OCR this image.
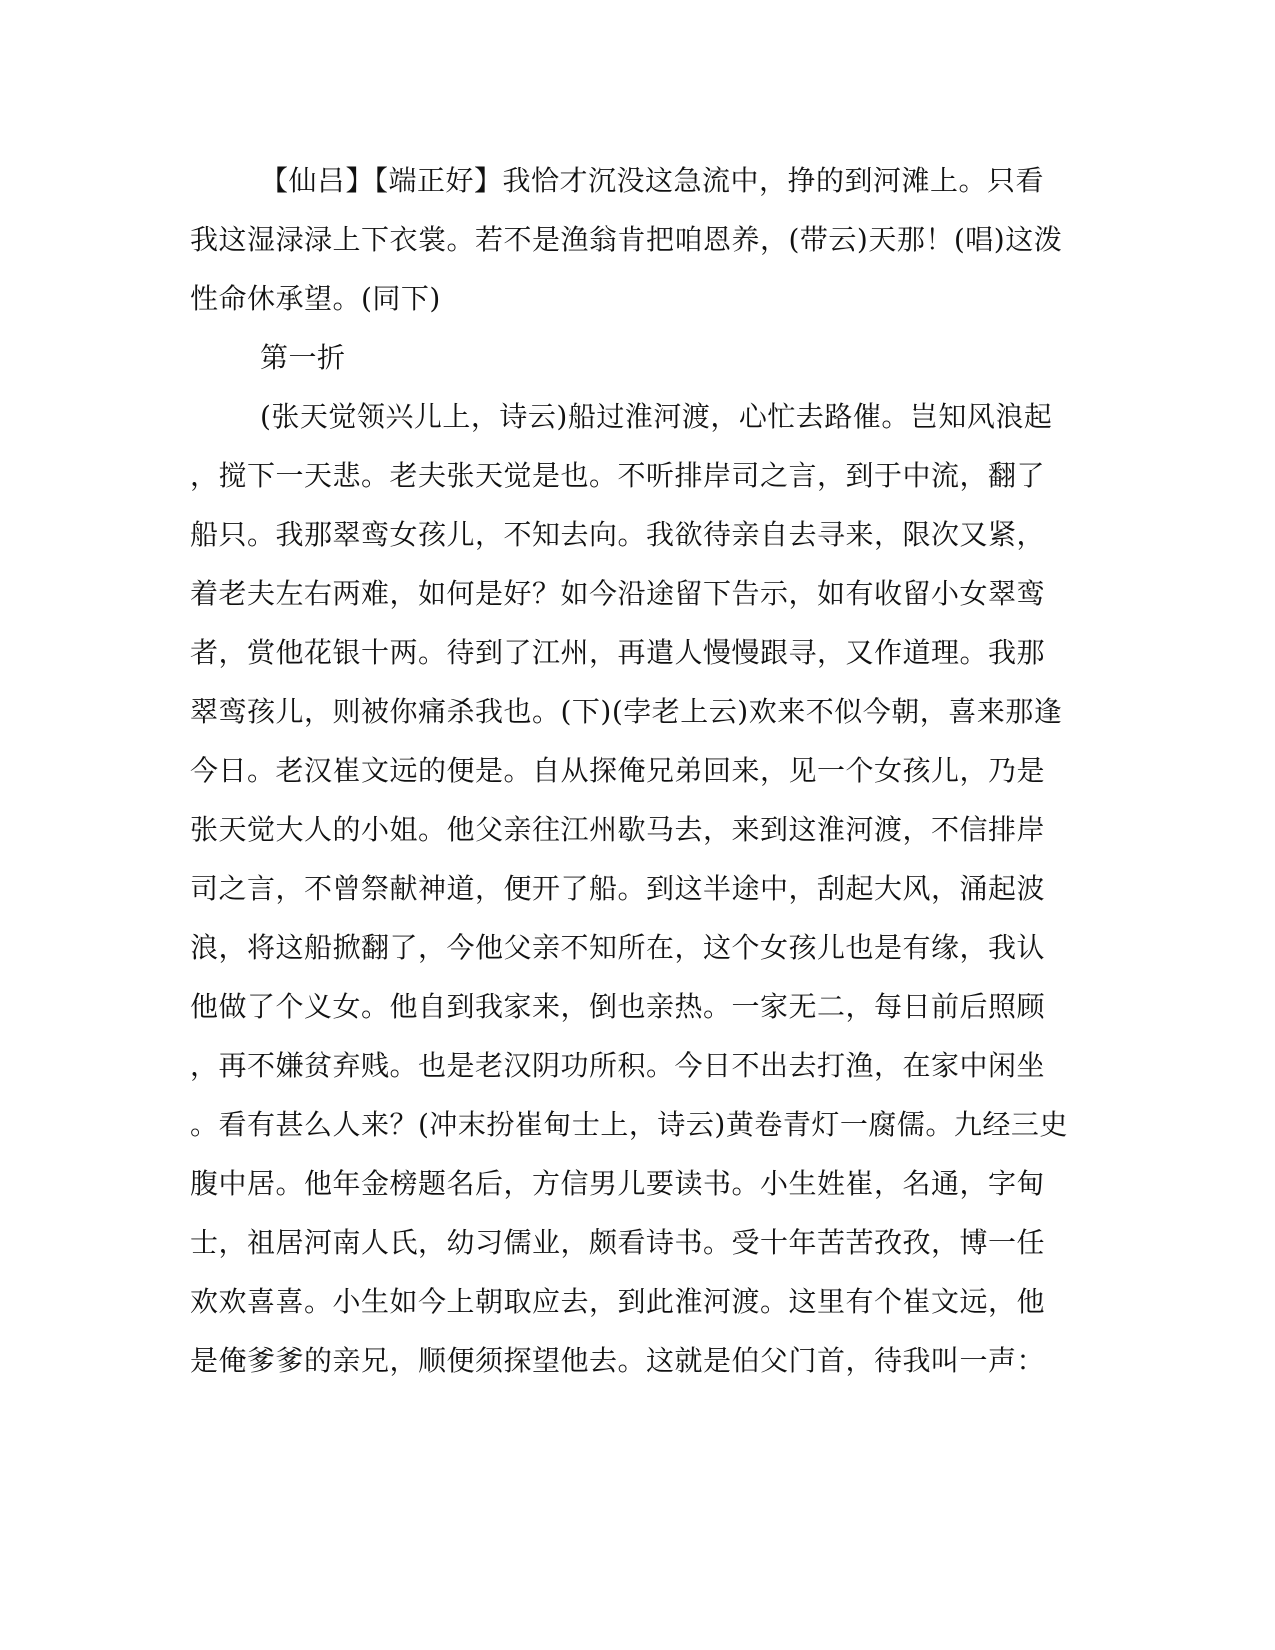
【仙吕】【端正好】我恰才沉没这急流中，挣的到河滩上。只看
我这湿渌渌上下衣裳。若不是渔翁肯把咱恩养，(带云)天那！(唱)这泼
性命休承望。(同下)
第一折
(张天觉领兴儿上，诗云)船过淮河渡，心忙去路催。岂知风浪起
，搅下一天悲。老夫张天觉是也。不听排岸司之言，到于中流，翻了
船只。我那翠鸾女孩儿，不知去向。我欲待亲自去寻来，限次又紧，
着老夫左右两难，如何是好？如今沿途留下告示，如有收留小女翠鸾
者，赏他花银十两。待到了江州，再遣人慢慢跟寻，又作道理。我那
翠鸾孩儿，则被你痛杀我也。(下)(孛老上云)欢来不似今朝，喜来那逢
今日。老汉崔文远的便是。自从探俺兄弟回来，见一个女孩儿，乃是
张天觉大人的小姐。他父亲往江州歇马去，来到这淮河渡，不信排岸
司之言，不曾祭献神道，便开了船。到这半途中，刮起大风，涌起波
浪，将这船掀翻了，今他父亲不知所在，这个女孩儿也是有缘，我认
他做了个义女。他自到我家来，倒也亲热。一家无二，每日前后照顾
，再不嫌贫弃贱。也是老汉阴功所积。今日不出去打渔，在家中闲坐
。看有甚么人来？(冲末扮崔甸士上，诗云)黄卷青灯一腐儒。九经三史
腹中居。他年金榜题名后，方信男儿要读书。小生姓崔，名通，字甸
士，祖居河南人氏，幼习儒业，颇看诗书。受十年苦苦孜孜，博一任
欢欢喜喜。小生如今上朝取应去，到此淮河渡。这里有个崔文远，他
是俺爹爹的亲兄，顺便须探望他去。这就是伯父门首，待我叫一声：
